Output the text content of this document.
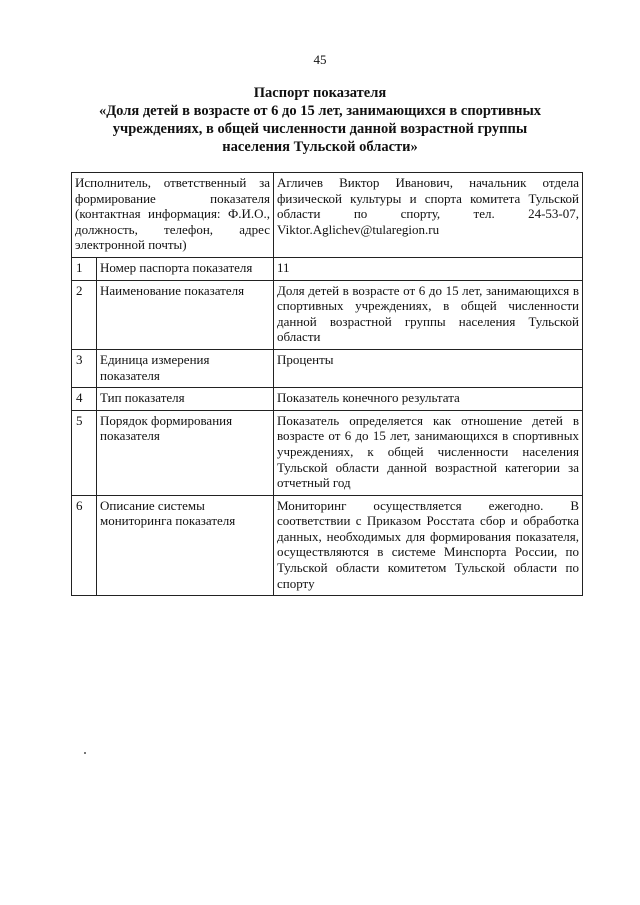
45
Паспорт показателя
«Доля детей в возрасте от 6 до 15 лет, занимающихся в спортивных
учреждениях, в общей численности данной возрастной группы
населения Тульской области»
Исполнитель, ответственный за формирование показателя (контактная информация: Ф.И.О., должность, телефон, адрес электронной почты)		Агличев Виктор Иванович, начальник отдела физической культуры и спорта комитета Тульской области по спорту, тел. 24-53-07, Viktor.Aglichev@tularegion.ru
1	Номер паспорта показателя	11
2	Наименование показателя	Доля детей в возрасте от 6 до 15 лет, занимающихся в спортивных учреждениях, в общей численности данной возрастной группы населения Тульской области
3	Единица измерения показателя	Проценты
4	Тип показателя	Показатель конечного результата
5	Порядок формирования показателя	Показатель определяется как отношение детей в возрасте от 6 до 15 лет, занимающихся в спортивных учреждениях, к общей численности населения Тульской области данной возрастной категории за отчетный год
6	Описание системы мониторинга показателя	Мониторинг осуществляется ежегодно. В соответствии с Приказом Росстата сбор и обработка данных, необходимых для формирования показателя, осуществляются в системе Минспорта России, по Тульской области комитетом Тульской области по спорту
